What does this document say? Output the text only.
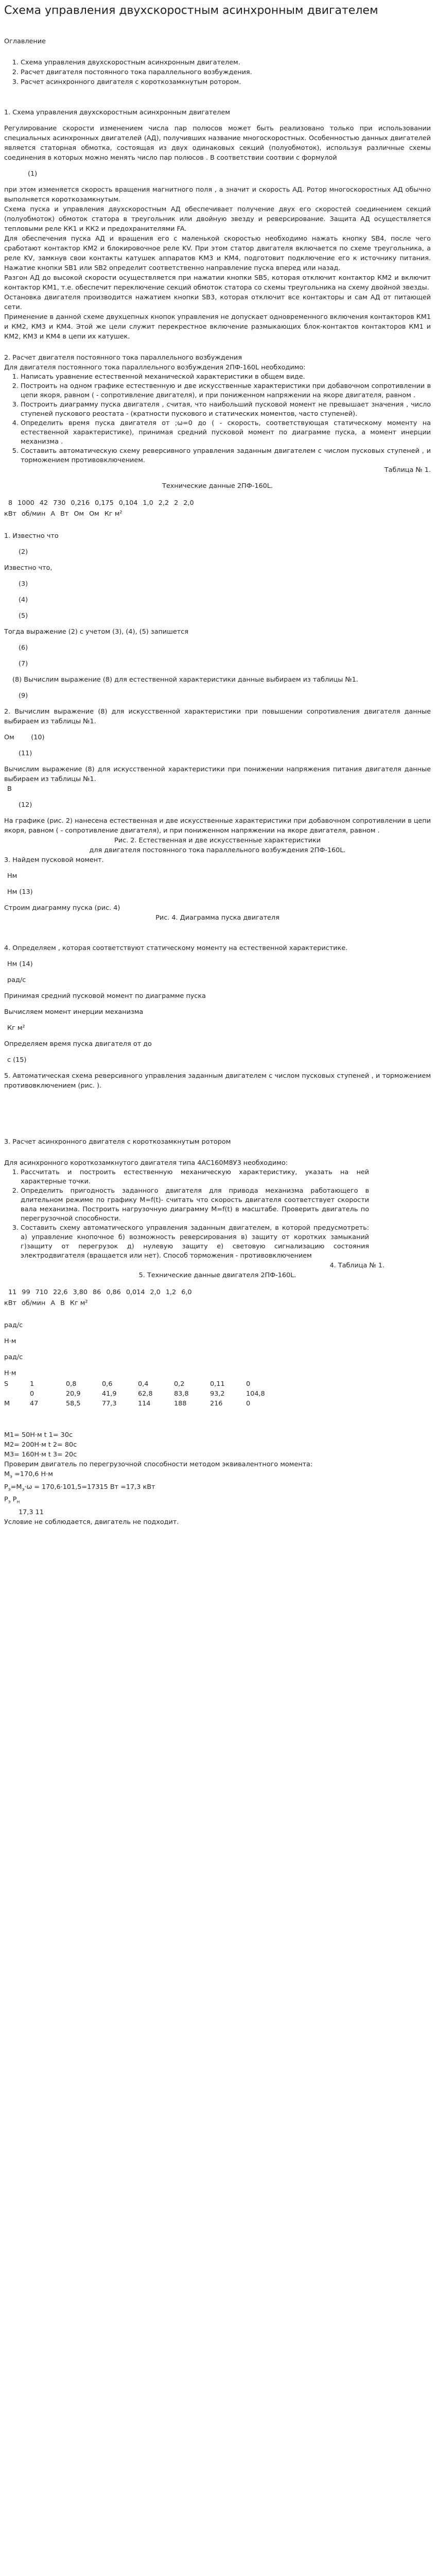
Схема управления двухскоростным асинхронным двигателем

Оглавление

1. Схема управления двухскоростным асинхронным двигателем.
2. Расчет двигателя постоянного тока параллельного возбуждения.
3. Расчет асинхронного двигателя с короткозамкнутым ротором.

1. Схема управления двухскоростным асинхронным двигателем

Регулирование скорости изменением числа пар полюсов может быть реализовано только при использовании специальных асинхронных двигателей (АД), получивших название многоскоростных. Особенностью данных двигателей является статорная обмотка, состоящая из двух одинаковых секций (полуобмоток), используя различные схемы соединения в которых можно менять число пар полюсов . В соответствии соотвии с формулой

(1)

при этом изменяется скорость вращения магнитного поля , а значит и скорость АД. Ротор многоскоростных АД обычно выполняется короткозамкнутым.

Схема пуска и управления двухскоростным АД обеспечивает получение двух его скоростей соединением секций (полуобмоток) обмоток статора в треугольник или двойную звезду и реверсирование. Защита АД осуществляется тепловыми реле КК1 и КК2 и предохранителями FA.

Для обеспечения пуска АД и вращения его с маленькой скоростью необходимо нажать кнопку SB4, после чего сработают контактор КМ2 и блокировочное реле KV. При этом статор двигателя включается по схеме треугольника, а реле KV, замкнув свои контакты катушек аппаратов КМ3 и КМ4, подготовит подключение его к источнику питания. Нажатие кнопки SB1 или SB2 определит соответственно направление пуска вперед или назад.

Разгон АД до высокой скорости осуществляется при нажатии кнопки SB5, которая отключит контактор КМ2 и включит контактор КМ1, т.е. обеспечит переключение секций обмоток статора со схемы треугольника на схему двойной звезды.

Остановка двигателя производится нажатием кнопки SB3, которая отключит все контакторы и сам АД от питающей сети.

Применение в данной схеме двухцепных кнопок управления не допускает одновременного включения контакторов КМ1 и КМ2, КМ3 и КМ4. Этой же цели служит перекрестное включение размыкающих блок-контактов контакторов КМ1 и КМ2, КМ3 и КМ4 в цепи их катушек.

2. Расчет двигателя постоянного тока параллельного возбуждения

Для двигателя постоянного тока параллельного возбуждения 2ПФ-160L необходимо:

1. Написать уравнение естественной механической характеристики в общем виде.
2. Построить на одном графике естественную и две искусственные характеристики при добавочном сопротивлении в цепи якоря, равном ( - сопротивление двигателя), и при пониженном напряжении на якоре двигателя, равном .
3. Построить диаграмму пуска двигателя , считая, что наибольший пусковой момент не превышает значения , число ступеней пускового реостата - (кратности пускового и статических моментов, часто ступеней).
4. Определить время пуска двигателя от ;ω=0 до ( - скорость, соответствующая статическому моменту на естественной характеристике), принимая средний пусковой момент по диаграмме пуска, а момент инерции механизма .
5. Составить автоматическую схему реверсивного управления заданным двигателем с числом пусковых ступеней , и торможением противовключением.

Таблица № 1.

Технические данные 2ПФ-160L.

8	1000	42	730	0,216	0,175	0,104	1,0	2,2	2	2,0
кВт	об/мин	А	Вт	Ом	Ом	Кг м²

1. Известно что

(2)

Известно что,

(3)

(4)

(5)

Тогда выражение (2) с учетом (3), (4), (5) запишется

(6)

(7)

(8) Вычислим выражение (8) для естественной характеристики данные выбираем из таблицы №1.

(9)

2. Вычислим выражение (8) для искусственной характеристики при повышении сопротивления двигателя данные выбираем из таблицы №1.

Ом	(10)

(11)

Вычислим выражение (8) для искусственной характеристики при понижении напряжения питания двигателя данные выбираем из таблицы №1.

В

(12)

На графике (рис. 2) нанесена естественная и две искусственные характеристики при добавочном сопротивлении в цепи якоря, равном ( - сопротивление двигателя), и при пониженном напряжении на якоре двигателя, равном .

Рис. 2. Естественная и две искусственные характеристики

для двигателя постоянного тока параллельного возбуждения 2ПФ-160L.

3. Найдем пусковой момент.

Нм

Нм (13)

Строим диаграмму пуска (рис. 4)

Рис. 4. Диаграмма пуска двигателя

4. Определяем , которая соответствуют статическому моменту на естественной характеристике.

Нм (14)

рад/с

Принимая средний пусковой момент по диаграмме пуска

Вычисляем момент инерции механизма

Кг м²

Определяем время пуска двигателя от до

с (15)

5. Автоматическая схема реверсивного управления заданным двигателем с числом пусковых ступеней , и торможением противовключением (рис. ).

3. Расчет асинхронного двигателя с короткозамкнутым ротором

Для асинхронного короткозамкнутого двигателя типа 4АС160М8У3 необходимо:

1. Рассчитать и построить естественную механическую характеристику, указать на ней характерные точки.
2. Определить пригодность заданного двигателя для привода механизма работающего в длительном режиме по графику M=f(t)- считать что скорость двигателя соответствует скорости вала механизма. Построить нагрузочную диаграмму M=f(t) в масштабе. Проверить двигатель по перегрузочной способности.
3. Составить схему автоматического управления заданным двигателем, в которой предусмотреть: а) управление кнопочное б) возможность реверсирования в) защиту от коротких замыканий г)защиту от перегрузок д) нулевую защиту е) световую сигнализацию состояния электродвигателя (вращается или нет). Способ торможения - противовключением

4. Таблица № 1.

5. Технические данные двигателя 2ПФ-160L.

11	99	710	22,6	3,80	86	0,86	0,014	2,0	1,2	6,0
кВт	об/мин	А	В	Кг м²

рад/с

Н·м

рад/с

Н·м

S	1	0,8	0,6	0,4	0,2	0,11	0
	0	20,9	41,9	62,8	83,8	93,2	104,8
M	47	58,5	77,3	114	188	216	0

M1= 50Н·м t 1= 30с

M2= 200Н·м t 2= 80с

M3= 160Н·м t 3= 20с

Проверим двигатель по перегрузочной способности методом эквивалентного момента:

$M_э =170,6$ Н·м

$P_э=M_э\cdot\omega = 170,6\cdot 101,5=17315$ Вт =17,3 кВт

$P_э$ $P_н$

17,3 11

Условие не соблюдается, двигатель не подходит.
